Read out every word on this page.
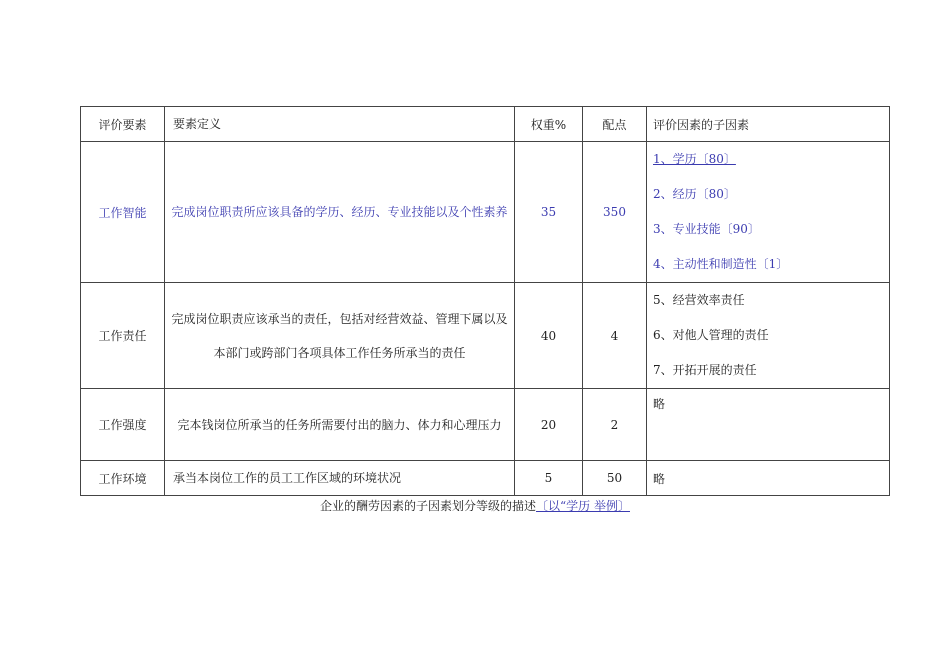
评价要素	要素定义	权重%	配点	评价因素的子因素
工作智能	完成岗位职责所应该具备的学历、经历、专业技能以及个性素养	35	350	1、学历〔80〕
2、经历〔80〕
3、专业技能〔90〕
4、主动性和制造性〔1〕

工作责任	完成岗位职责应该承当的责任，包括对经营效益、管理下属以及本部门或跨部门各项具体工作任务所承当的责任	40	4	5、经营效率责任
6、对他人管理的责任
7、开拓开展的责任

工作强度	完本钱岗位所承当的任务所需要付出的脑力、体力和心理压力	20	2	略

工作环境	承当本岗位工作的员工工作区域的环境状况	5	50	略
企业的酬劳因素的子因素划分等级的描述〔以“学历 举例〕
